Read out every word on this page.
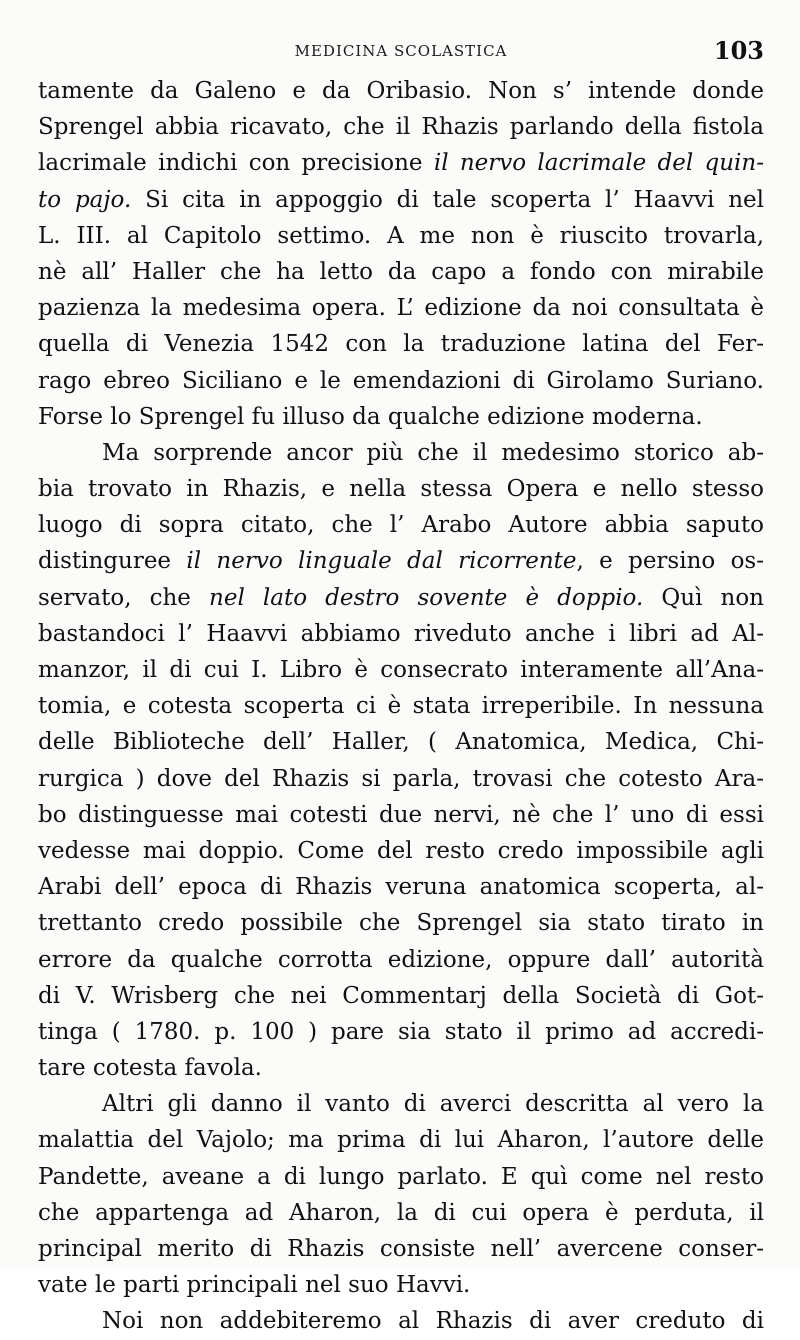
MEDICINA SCOLASTICA	103
tamente da Galeno e da Oribasio. Non s’ intende donde
Sprengel abbia ricavato, che il Rhazis parlando della fistola
lacrimale indichi con precisione il nervo lacrimale del quin-
to pajo. Si cita in appoggio di tale scoperta l’ Haavvi nel
L. III. al Capitolo settimo. A me non è riuscito trovarla,
nè all’ Haller che ha letto da capo a fondo con mirabile
pazienza la medesima opera. L’ edizione da noi consultata è
quella di Venezia 1542 con la traduzione latina del Fer-
rago ebreo Siciliano e le emendazioni di Girolamo Suriano.
Forse lo Sprengel fu illuso da qualche edizione moderna.
Ma sorprende ancor più che il medesimo storico ab-
bia trovato in Rhazis, e nella stessa Opera e nello stesso
luogo di sopra citato, che l’ Arabo Autore abbia saputo
distinguree il nervo linguale dal ricorrente, e persino os-
servato, che nel lato destro sovente è doppio. Quì non
bastandoci l’ Haavvi abbiamo riveduto anche i libri ad Al-
manzor, il di cui I. Libro è consecrato interamente all’Ana-
tomia, e cotesta scoperta ci è stata irreperibile. In nessuna
delle Biblioteche dell’ Haller, ( Anatomica, Medica, Chi-
rurgica ) dove del Rhazis si parla, trovasi che cotesto Ara-
bo distinguesse mai cotesti due nervi, nè che l’ uno di essi
vedesse mai doppio. Come del resto credo impossibile agli
Arabi dell’ epoca di Rhazis veruna anatomica scoperta, al-
trettanto credo possibile che Sprengel sia stato tirato in
errore da qualche corrotta edizione, oppure dall’ autorità
di V. Wrisberg che nei Commentarj della Società di Got-
tinga ( 1780. p. 100 ) pare sia stato il primo ad accredi-
tare cotesta favola.
Altri gli danno il vanto di averci descritta al vero la
malattia del Vajolo; ma prima di lui Aharon, l’autore delle
Pandette, aveane a di lungo parlato. E quì come nel resto
che appartenga ad Aharon, la di cui opera è perduta, il
principal merito di Rhazis consiste nell’ avercene conser-
vate le parti principali nel suo Havvi.
Noi non addebiteremo al Rhazis di aver creduto di
